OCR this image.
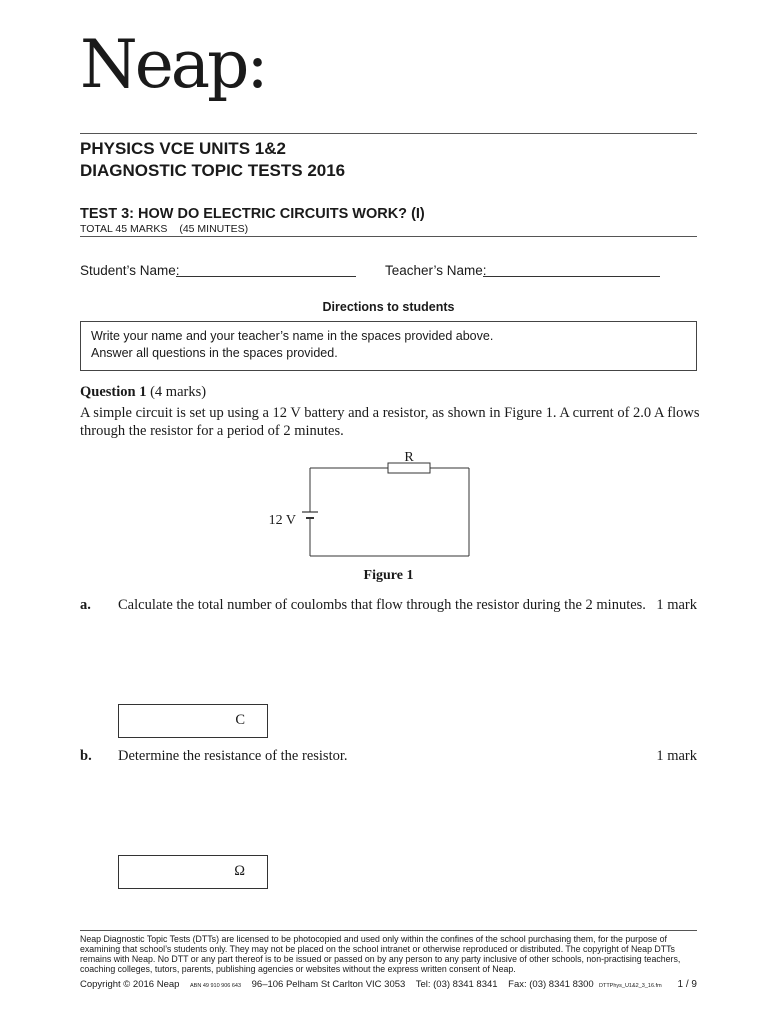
Neap:
PHYSICS VCE UNITS 1&2
DIAGNOSTIC TOPIC TESTS 2016
TEST 3: HOW DO ELECTRIC CIRCUITS WORK? (I)
TOTAL 45 MARKS (45 MINUTES)
Student’s Name:	Teacher’s Name:
Directions to students
Write your name and your teacher’s name in the spaces provided above.
Answer all questions in the spaces provided.
Question 1 (4 marks)
A simple circuit is set up using a 12 V battery and a resistor, as shown in Figure 1. A current of 2.0 A flows through the resistor for a period of 2 minutes.
R
12 V
Figure 1
a. Calculate the total number of coulombs that flow through the resistor during the 2 minutes. 1 mark
C
b. Determine the resistance of the resistor.	1 mark
Ω
Neap Diagnostic Topic Tests (DTTs) are licensed to be photocopied and used only within the confines of the school purchasing them, for the purpose of examining that school’s students only. They may not be placed on the school intranet or otherwise reproduced or distributed. The copyright of Neap DTTs remains with Neap. No DTT or any part thereof is to be issued or passed on by any person to any party inclusive of other schools, non-practising teachers, coaching colleges, tutors, parents, publishing agencies or websites without the express written consent of Neap.
Copyright © 2016 Neap ABN 49 910 906 643 96–106 Pelham St Carlton VIC 3053 Tel: (03) 8341 8341 Fax: (03) 8341 8300 DTTPhys_U1&2_3_16.fm	1 / 9
